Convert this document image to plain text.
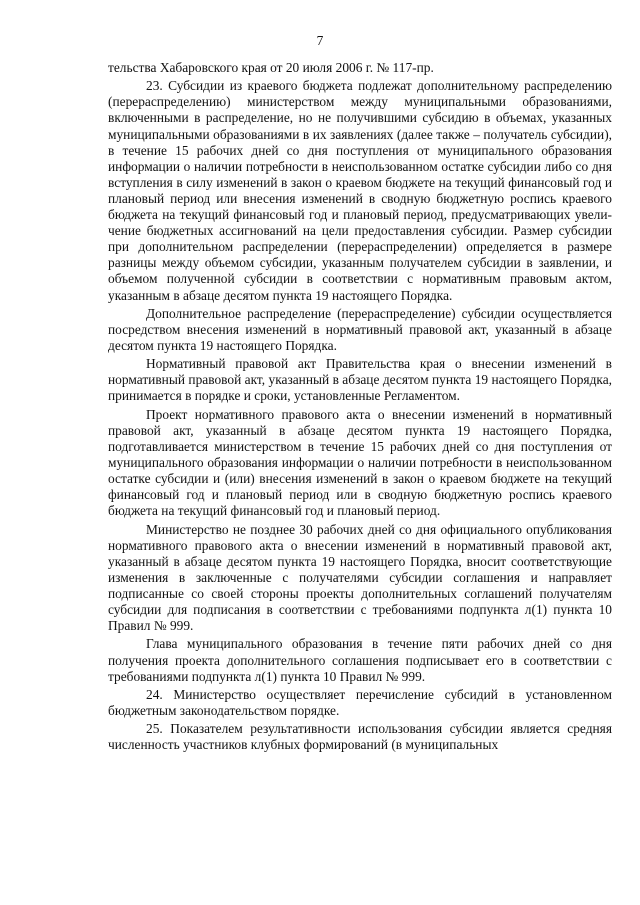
7

тельства Хабаровского края от 20 июля 2006 г. № 117-пр.

23. Субсидии из краевого бюджета подлежат дополнительному распределению (перераспределению) министерством между муниципальными образованиями, включенными в распределение, но не получившими субсидию в объемах, указанных муниципальными образованиями в их заявлениях (далее также – получатель субсидии), в течение 15 рабочих дней со дня поступления от муниципального образования информации о наличии потребности в неиспользованном остатке субсидии либо со дня вступления в силу изменений в закон о краевом бюджете на текущий финансовый год и плановый период или внесения изменений в сводную бюджетную роспись краевого бюджета на текущий финансовый год и плановый период, предусматривающих увеличение бюджетных ассигнований на цели предоставления субсидии. Размер субсидии при дополнительном распределении (перераспределении) определяется в размере разницы между объемом субсидии, указанным получателем субсидии в заявлении, и объемом полученной субсидии в соответствии с нормативным правовым актом, указанным в абзаце десятом пункта 19 настоящего Порядка.

Дополнительное распределение (перераспределение) субсидии осуществляется посредством внесения изменений в нормативный правовой акт, указанный в абзаце десятом пункта 19 настоящего Порядка.

Нормативный правовой акт Правительства края о внесении изменений в нормативный правовой акт, указанный в абзаце десятом пункта 19 настоящего Порядка, принимается в порядке и сроки, установленные Регламентом.

Проект нормативного правового акта о внесении изменений в нормативный правовой акт, указанный в абзаце десятом пункта 19 настоящего Порядка, подготавливается министерством в течение 15 рабочих дней со дня поступления от муниципального образования информации о наличии потребности в неиспользованном остатке субсидии и (или) внесения изменений в закон о краевом бюджете на текущий финансовый год и плановый период или в сводную бюджетную роспись краевого бюджета на текущий финансовый год и плановый период.

Министерство не позднее 30 рабочих дней со дня официального опубликования нормативного правового акта о внесении изменений в нормативный правовой акт, указанный в абзаце десятом пункта 19 настоящего Порядка, вносит соответствующие изменения в заключенные с получателями субсидии соглашения и направляет подписанные со своей стороны проекты дополнительных соглашений получателям субсидии для подписания в соответствии с требованиями подпункта л(1) пункта 10 Правил № 999.

Глава муниципального образования в течение пяти рабочих дней со дня получения проекта дополнительного соглашения подписывает его в соответствии с требованиями подпункта л(1) пункта 10 Правил № 999.

24. Министерство осуществляет перечисление субсидий в установленном бюджетным законодательством порядке.

25. Показателем результативности использования субсидии является средняя численность участников клубных формирований (в муниципальных
